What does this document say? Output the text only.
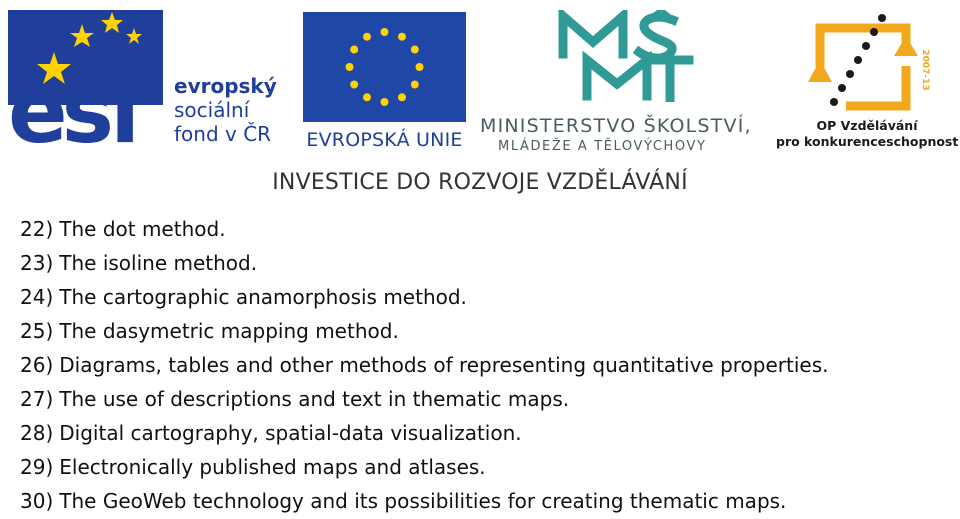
esf evropský
sociální
fond v ČR	EVROPSKÁ UNIE
MINISTERSTVO ŠKOLSTVÍ,
MLÁDEŽE A TĚLOVÝCHOVY
2007-13
OP Vzdělávání
pro konkurenceschopnost
INVESTICE DO ROZVOJE VZDĚLÁVÁNÍ
22) The dot method.
23) The isoline method.
24) The cartographic anamorphosis method.
25) The dasymetric mapping method.
26) Diagrams, tables and other methods of representing quantitative properties.
27) The use of descriptions and text in thematic maps.
28) Digital cartography, spatial-data visualization.
29) Electronically published maps and atlases.
30) The GeoWeb technology and its possibilities for creating thematic maps.
